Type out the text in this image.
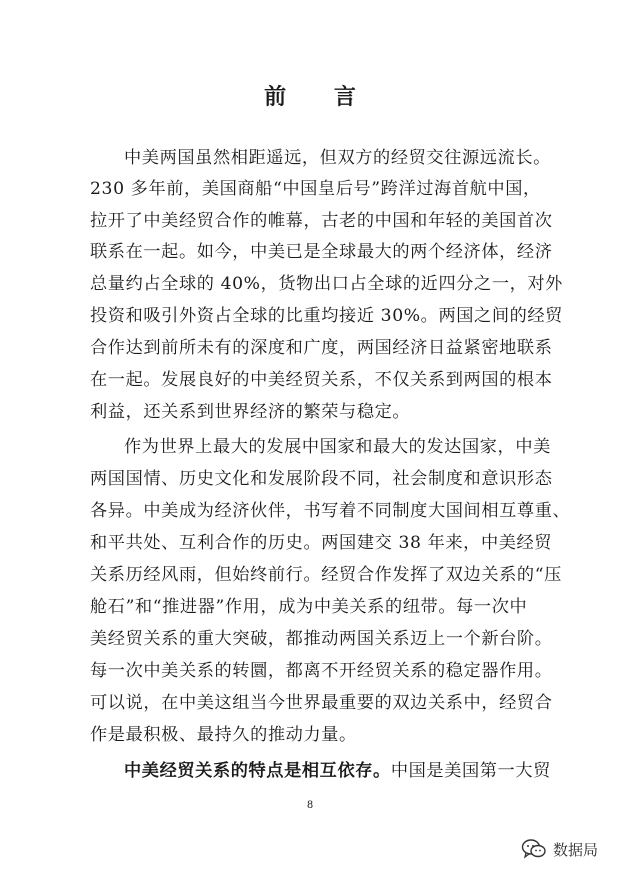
前 言
中美两国虽然相距遥远，但双方的经贸交往源远流长。
230 多年前，美国商船“中国皇后号”跨洋过海首航中国，
拉开了中美经贸合作的帷幕，古老的中国和年轻的美国首次
联系在一起。如今，中美已是全球最大的两个经济体，经济
总量约占全球的 40%，货物出口占全球的近四分之一，对外
投资和吸引外资占全球的比重均接近 30%。两国之间的经贸
合作达到前所未有的深度和广度，两国经济日益紧密地联系
在一起。发展良好的中美经贸关系，不仅关系到两国的根本
利益，还关系到世界经济的繁荣与稳定。
作为世界上最大的发展中国家和最大的发达国家，中美
两国国情、历史文化和发展阶段不同，社会制度和意识形态
各异。中美成为经济伙伴，书写着不同制度大国间相互尊重、
和平共处、互利合作的历史。两国建交 38 年来，中美经贸
关系历经风雨，但始终前行。经贸合作发挥了双边关系的“压
舱石”和“推进器”作用，成为中美关系的纽带。每一次中
美经贸关系的重大突破，都推动两国关系迈上一个新台阶。
每一次中美关系的转圜，都离不开经贸关系的稳定器作用。
可以说，在中美这组当今世界最重要的双边关系中，经贸合
作是最积极、最持久的推动力量。
中美经贸关系的特点是相互依存。中国是美国第一大贸
8
数据局
